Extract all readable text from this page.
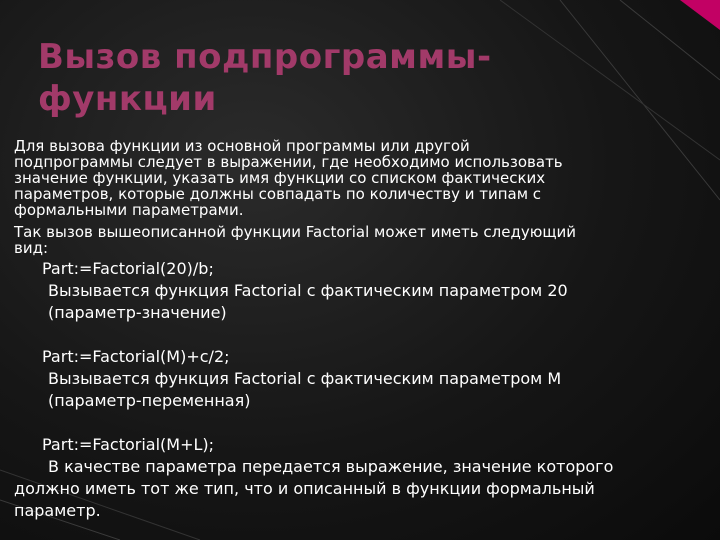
Вызов подпрограммы-
функции
Для вызова функции из основной программы или другой
подпрограммы следует в выражении, где необходимо использовать
значение функции, указать имя функции со списком фактических
параметров, которые должны совпадать по количеству и типам с
формальными параметрами.
Так вызов вышеописанной функции Factorial может иметь следующий
вид:
Part:=Factorial(20)/b;
Вызывается функция Factorial с фактическим параметром 20
(параметр-значение)
Part:=Factorial(M)+c/2;
Вызывается функция Factorial с фактическим параметром M
(параметр-переменная)
Part:=Factorial(M+L);
В качестве параметра передается выражение, значение которого
должно иметь тот же тип, что и описанный в функции формальный
параметр.
